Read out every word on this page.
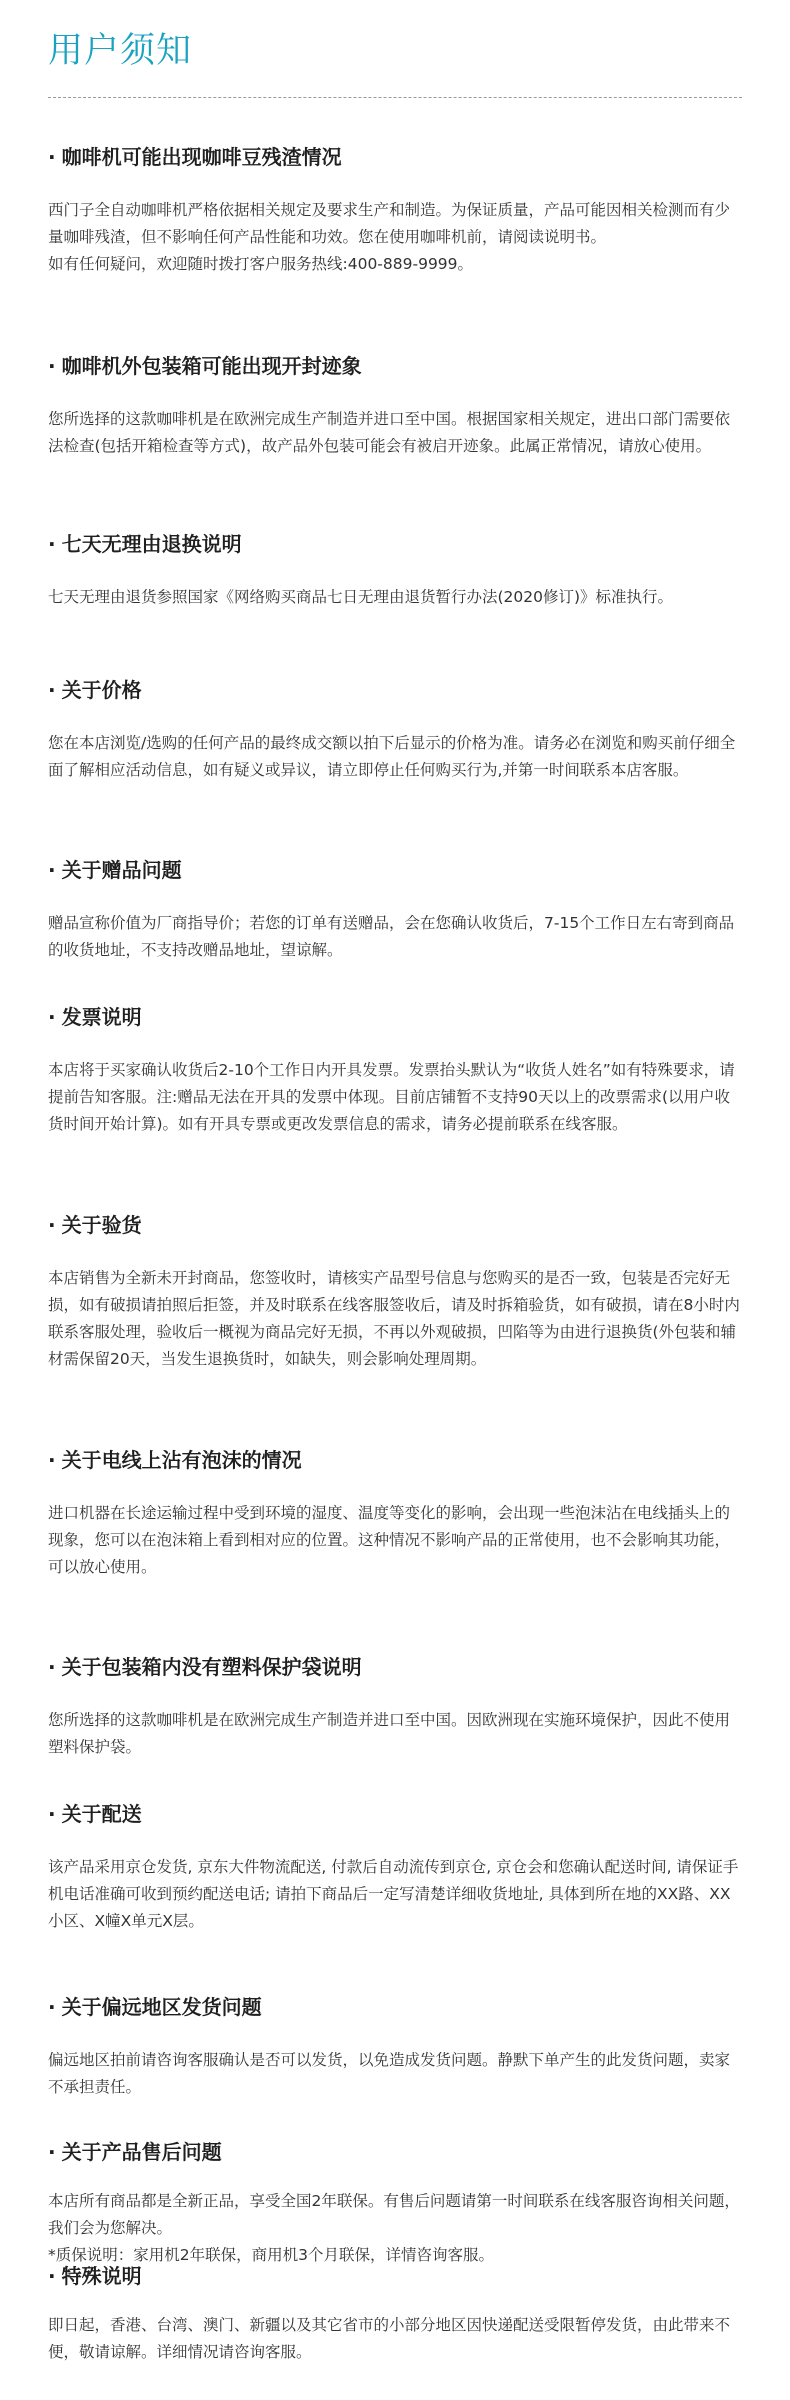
用户须知

· 咖啡机可能出现咖啡豆残渣情况

西门子全自动咖啡机严格依据相关规定及要求生产和制造。为保证质量，产品可能因相关检测而有少量咖啡残渣，但不影响任何产品性能和功效。您在使用咖啡机前，请阅读说明书。
如有任何疑问，欢迎随时拨打客户服务热线:400-889-9999。

· 咖啡机外包装箱可能出现开封迹象

您所选择的这款咖啡机是在欧洲完成生产制造并进口至中国。根据国家相关规定，进出口部门需要依法检查(包括开箱检查等方式)，故产品外包装可能会有被启开迹象。此属正常情况，请放心使用。

· 七天无理由退换说明

七天无理由退货参照国家《网络购买商品七日无理由退货暂行办法(2020修订)》标准执行。

· 关于价格

您在本店浏览/选购的任何产品的最终成交额以拍下后显示的价格为准。请务必在浏览和购买前仔细全面了解相应活动信息，如有疑义或异议，请立即停止任何购买行为,并第一时间联系本店客服。

· 关于赠品问题

赠品宣称价值为厂商指导价；若您的订单有送赠品，会在您确认收货后，7-15个工作日左右寄到商品的收货地址，不支持改赠品地址，望谅解。

· 发票说明

本店将于买家确认收货后2-10个工作日内开具发票。发票抬头默认为“收货人姓名”如有特殊要求，请提前告知客服。注:赠品无法在开具的发票中体现。目前店铺暂不支持90天以上的改票需求(以用户收货时间开始计算)。如有开具专票或更改发票信息的需求，请务必提前联系在线客服。

· 关于验货

本店销售为全新未开封商品，您签收时，请核实产品型号信息与您购买的是否一致，包装是否完好无损，如有破损请拍照后拒签，并及时联系在线客服签收后，请及时拆箱验货，如有破损，请在8小时内联系客服处理，验收后一概视为商品完好无损，不再以外观破损，凹陷等为由进行退换货(外包装和辅材需保留20天，当发生退换货时，如缺失，则会影响处理周期。

· 关于电线上沾有泡沫的情况

进口机器在长途运输过程中受到环境的湿度、温度等变化的影响，会出现一些泡沫沾在电线插头上的现象，您可以在泡沫箱上看到相对应的位置。这种情况不影响产品的正常使用，也不会影响其功能，可以放心使用。

· 关于包装箱内没有塑料保护袋说明

您所选择的这款咖啡机是在欧洲完成生产制造并进口至中国。因欧洲现在实施环境保护，因此不使用塑料保护袋。

· 关于配送

该产品采用京仓发货, 京东大件物流配送, 付款后自动流传到京仓, 京仓会和您确认配送时间, 请保证手机电话准确可收到预约配送电话; 请拍下商品后一定写清楚详细收货地址, 具体到所在地的XX路、XX小区、X幢X单元X层。

· 关于偏远地区发货问题

偏远地区拍前请咨询客服确认是否可以发货，以免造成发货问题。静默下单产生的此发货问题，卖家不承担责任。

· 关于产品售后问题

本店所有商品都是全新正品，享受全国2年联保。有售后问题请第一时间联系在线客服咨询相关问题，我们会为您解决。
*质保说明：家用机2年联保，商用机3个月联保，详情咨询客服。

· 特殊说明

即日起，香港、台湾、澳门、新疆以及其它省市的小部分地区因快递配送受限暂停发货，由此带来不便，敬请谅解。详细情况请咨询客服。
